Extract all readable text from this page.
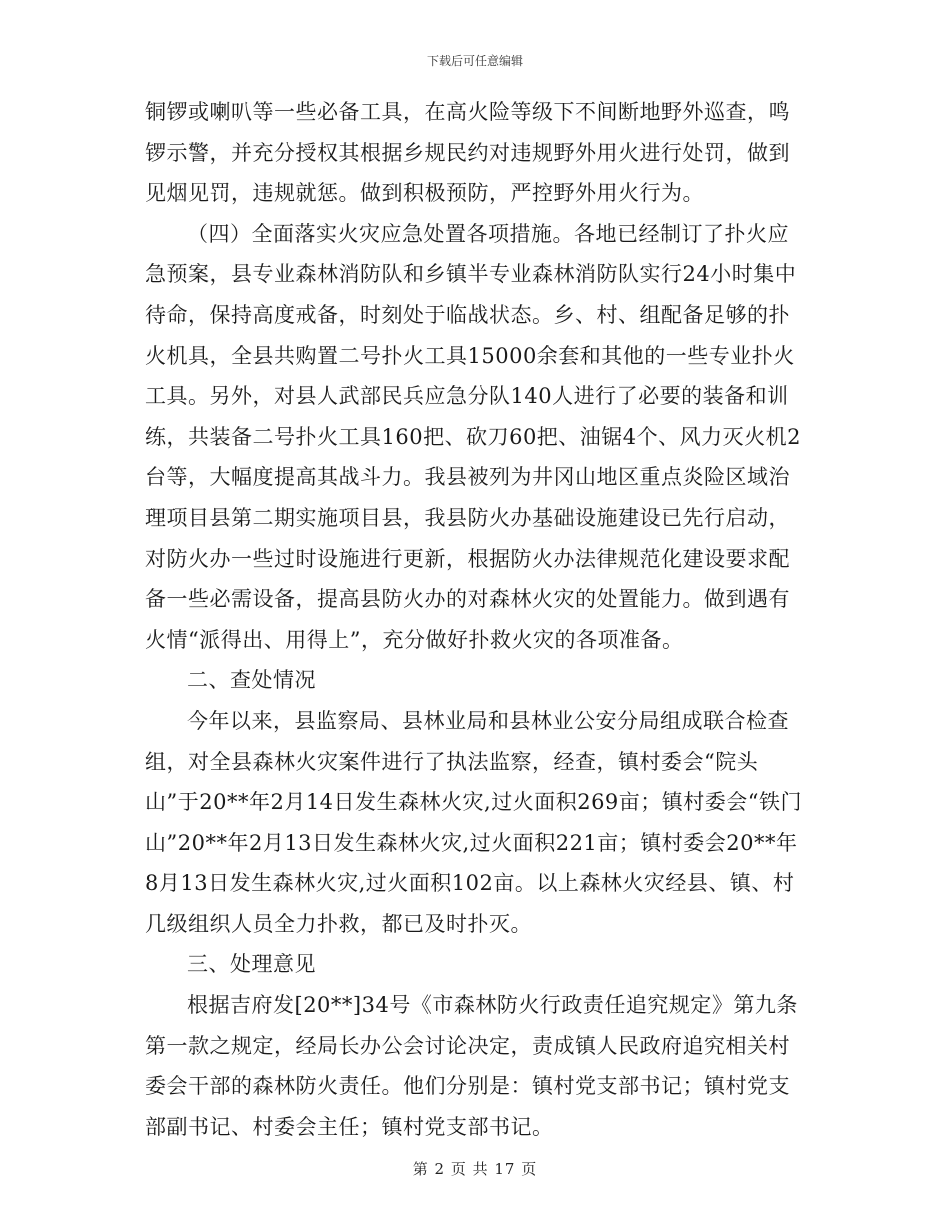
下载后可任意编辑

铜锣或喇叭等一些必备工具，在高火险等级下不间断地野外巡查，鸣锣示警，并充分授权其根据乡规民约对违规野外用火进行处罚，做到见烟见罚，违规就惩。做到积极预防，严控野外用火行为。

（四）全面落实火灾应急处置各项措施。各地已经制订了扑火应急预案，县专业森林消防队和乡镇半专业森林消防队实行24小时集中待命，保持高度戒备，时刻处于临战状态。乡、村、组配备足够的扑火机具，全县共购置二号扑火工具15000余套和其他的一些专业扑火工具。另外，对县人武部民兵应急分队140人进行了必要的装备和训练，共装备二号扑火工具160把、砍刀60把、油锯4个、风力灭火机2台等，大幅度提高其战斗力。我县被列为井冈山地区重点炎险区域治理项目县第二期实施项目县，我县防火办基础设施建设已先行启动，对防火办一些过时设施进行更新，根据防火办法律规范化建设要求配备一些必需设备，提高县防火办的对森林火灾的处置能力。做到遇有火情“派得出、用得上”，充分做好扑救火灾的各项准备。

二、查处情况

今年以来，县监察局、县林业局和县林业公安分局组成联合检查组，对全县森林火灾案件进行了执法监察，经查，镇村委会“院头山”于20**年2月14日发生森林火灾,过火面积269亩；镇村委会“铁门山”20**年2月13日发生森林火灾,过火面积221亩；镇村委会20**年8月13日发生森林火灾,过火面积102亩。以上森林火灾经县、镇、村几级组织人员全力扑救，都已及时扑灭。

三、处理意见

根据吉府发[20**]34号《市森林防火行政责任追究规定》第九条第一款之规定，经局长办公会讨论决定，责成镇人民政府追究相关村委会干部的森林防火责任。他们分别是：镇村党支部书记；镇村党支部副书记、村委会主任；镇村党支部书记。

第 2 页 共 17 页
